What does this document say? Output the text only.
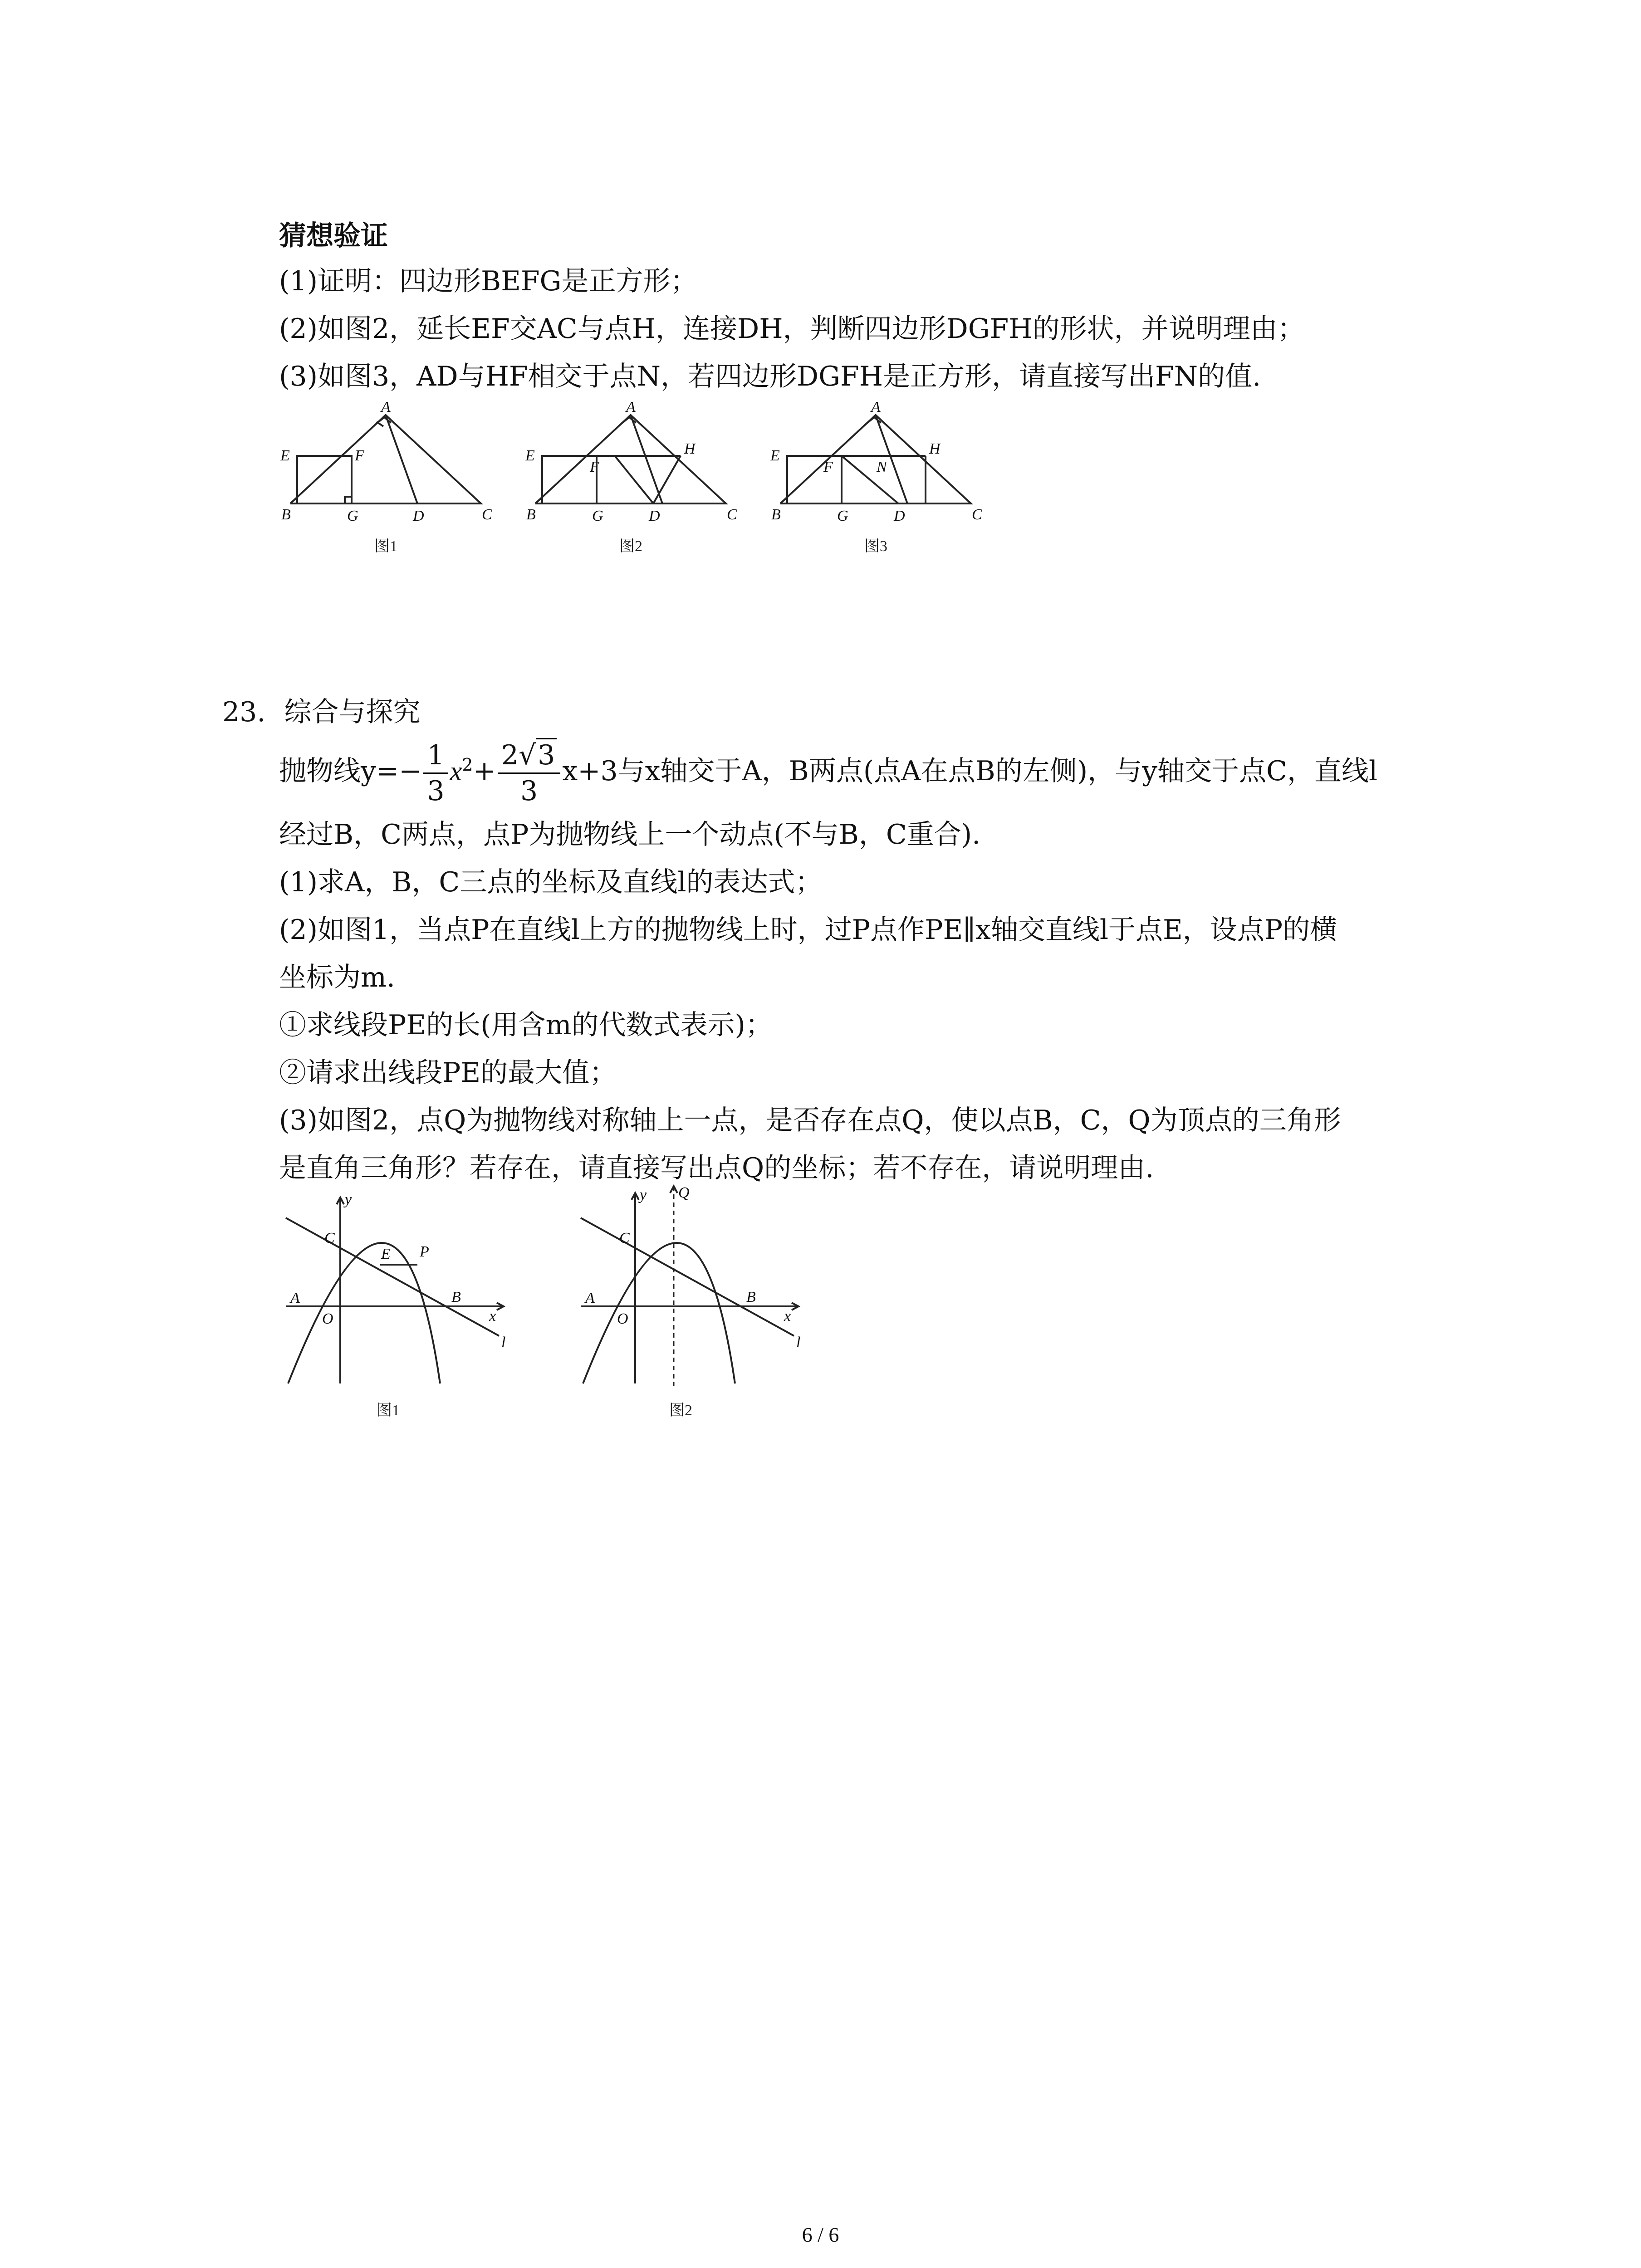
猜想验证
(1)证明：四边形BEFG是正方形；
(2)如图2，延长EF交AC与点H，连接DH，判断四边形DGFH的形状，并说明理由；
(3)如图3，AD与HF相交于点N，若四边形DGFH是正方形，请直接写出FN的值.
A
E	F
B	G	D	C
图1
A
E
F
H
B	G	D	C
图2
A
E
F	N
H
B	G	D	C
图3
23. 综合与探究
抛物线$y=- \frac{1}{3} x^2+ \frac{2√3}{3} x+3$与x轴交于A，B两点(点A在点B的左侧)，与y轴交于点C，直线l
经过B，C两点，点P为抛物线上一个动点(不与B，C重合).
(1)求A，B，C三点的坐标及直线l的表达式；
(2)如图1，当点P在直线l上方的抛物线上时，过P点作PE∥x轴交直线l于点E，设点P的横
坐标为m.
①求线段PE的长(用含m的代数式表示)；
②请求出线段PE的最大值；
(3)如图2，点Q为抛物线对称轴上一点，是否存在点Q，使以点B，C，Q为顶点的三角形
是直角三角形？若存在，请直接写出点Q的坐标；若不存在，请说明理由.
y
C
E P
A
O
B
x
l
图1
y Q
C
A
O
B
x
l
图2
6 / 6
